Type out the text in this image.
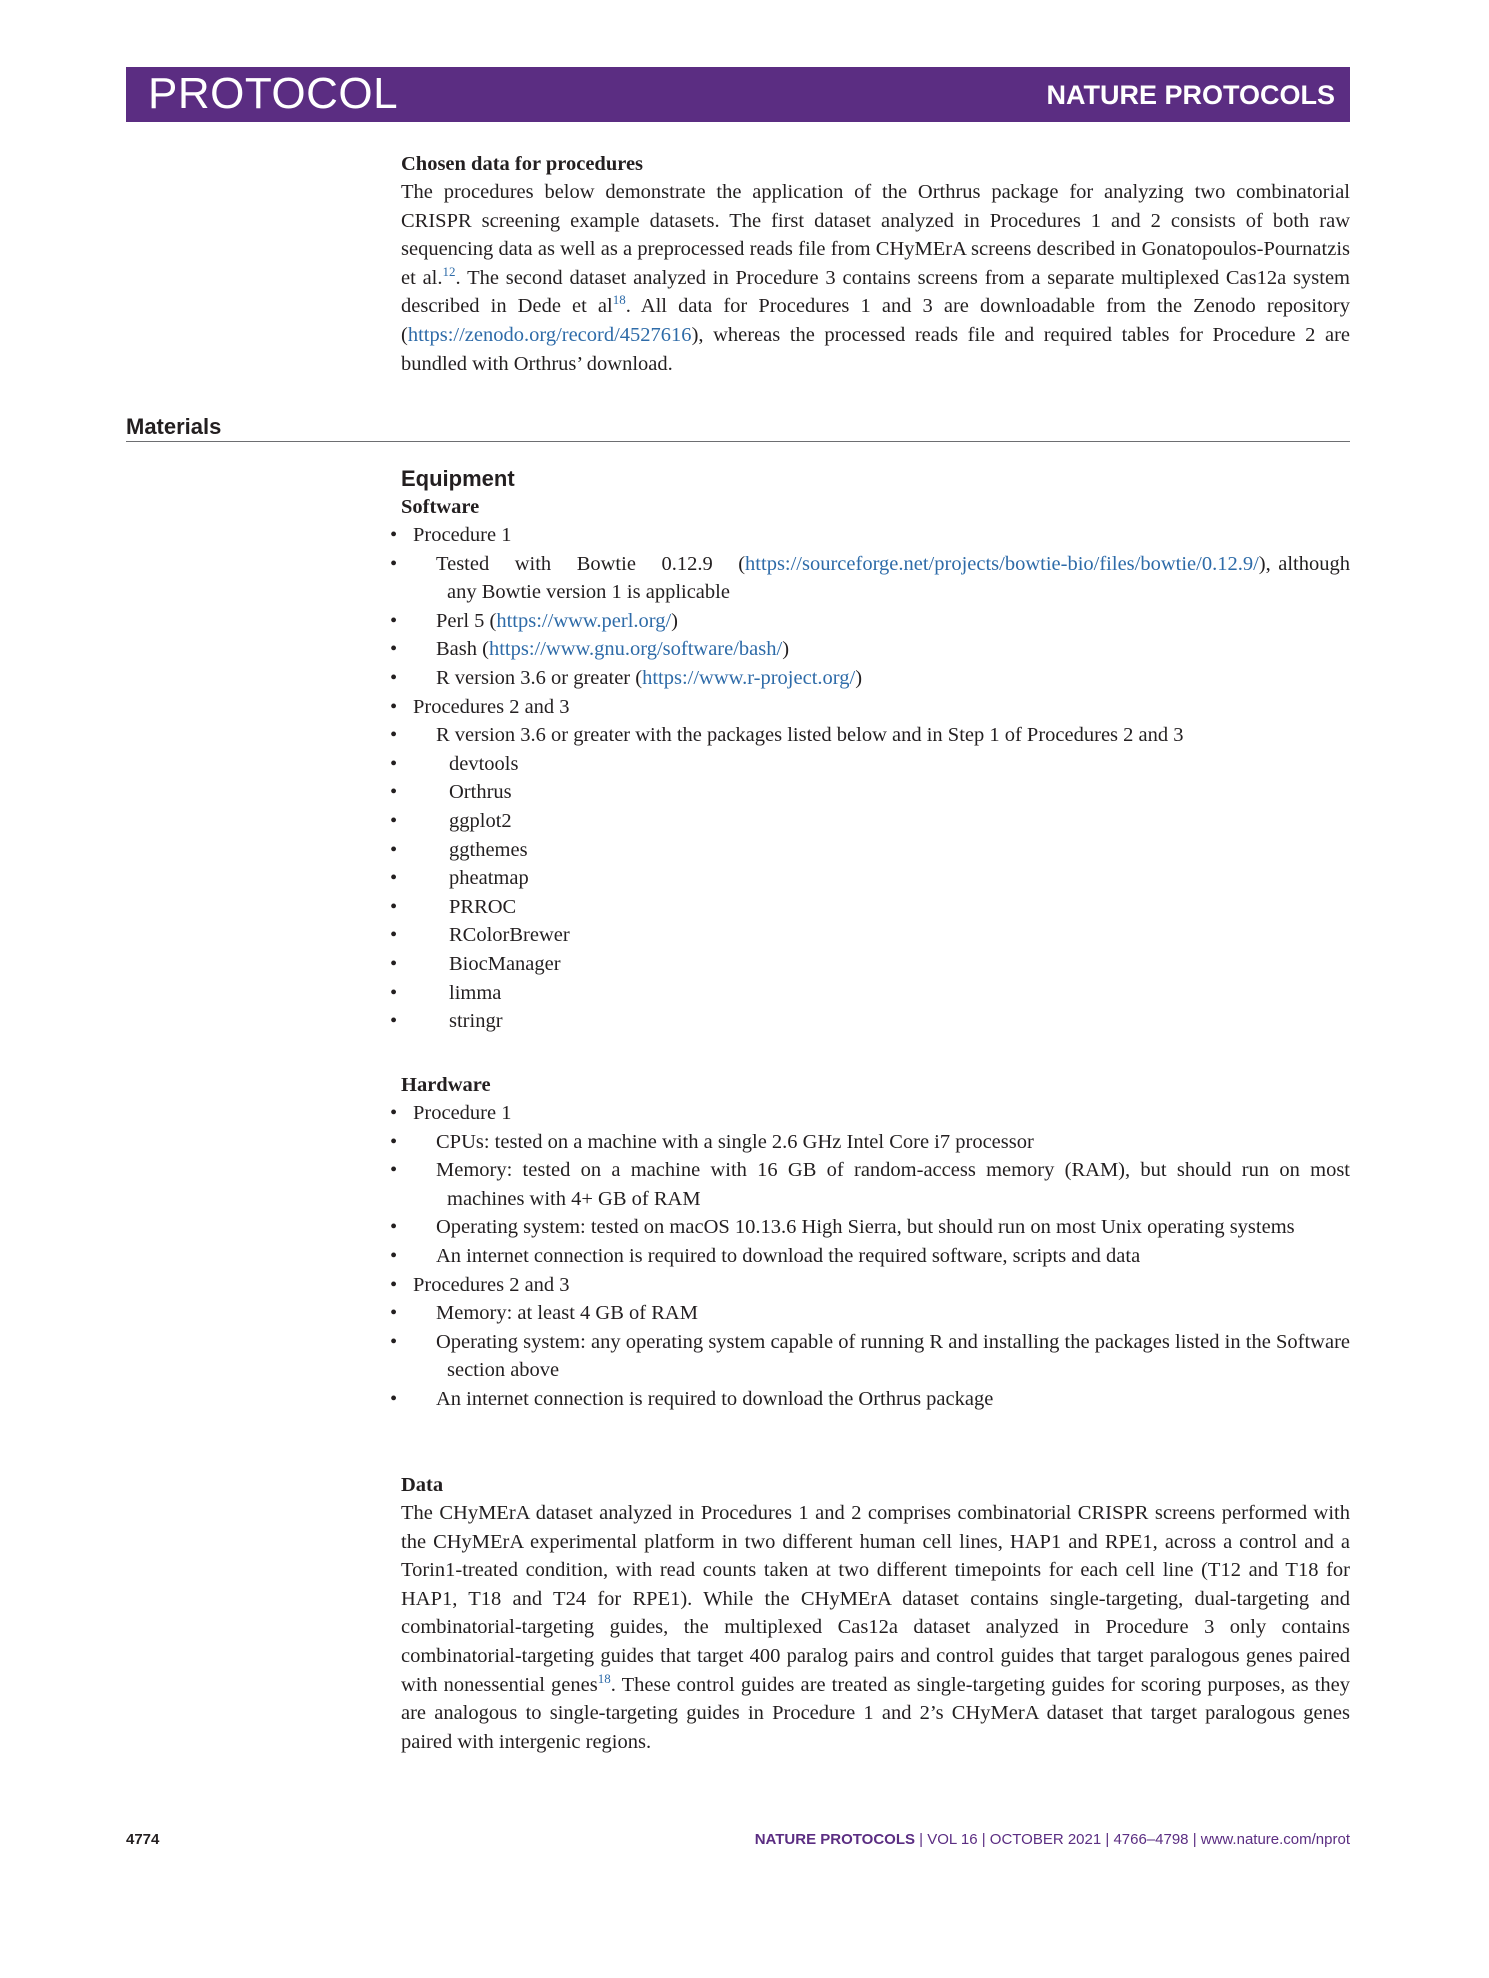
PROTOCOL	NATURE PROTOCOLS
Chosen data for procedures

The procedures below demonstrate the application of the Orthrus package for analyzing two combinatorial CRISPR screening example datasets. The first dataset analyzed in Procedures 1 and 2 consists of both raw sequencing data as well as a preprocessed reads file from CHyMErA screens described in Gonatopoulos-Pournatzis et al.$^{12}$. The second dataset analyzed in Procedure 3 contains screens from a separate multiplexed Cas12a system described in Dede et $al^{18}$. All data for Procedures 1 and 3 are downloadable from the Zenodo repository (https://zenodo.org/record/4527616), whereas the processed reads file and required tables for Procedure 2 are bundled with Orthrus’ download.

Materials
Equipment
Software
• Procedure 1
• Tested with Bowtie 0.12.9 (https://sourceforge.net/projects/bowtie-bio/files/bowtie/0.12.9/), although any Bowtie version 1 is applicable
• Perl 5 (https://www.perl.org/)
• Bash (https://www.gnu.org/software/bash/)
• R version 3.6 or greater (https://www.r-project.org/)
• Procedures 2 and 3
• R version 3.6 or greater with the packages listed below and in Step 1 of Procedures 2 and 3
• devtools
• Orthrus
• ggplot2
• ggthemes
• pheatmap
• PRROC
• RColorBrewer
• BiocManager
• limma
• stringr
Hardware
• Procedure 1
• CPUs: tested on a machine with a single 2.6 GHz Intel Core i7 processor
• Memory: tested on a machine with 16 GB of random-access memory (RAM), but should run on most machines with 4+ GB of RAM
• Operating system: tested on macOS 10.13.6 High Sierra, but should run on most Unix operating systems
• An internet connection is required to download the required software, scripts and data
• Procedures 2 and 3
• Memory: at least 4 GB of RAM
• Operating system: any operating system capable of running R and installing the packages listed in the Software section above
• An internet connection is required to download the Orthrus package
Data

The CHyMErA dataset analyzed in Procedures 1 and 2 comprises combinatorial CRISPR screens performed with the CHyMErA experimental platform in two different human cell lines, HAP1 and RPE1, across a control and a Torin1-treated condition, with read counts taken at two different timepoints for each cell line (T12 and T18 for HAP1, T18 and T24 for RPE1). While the CHyMErA dataset contains single-targeting, dual-targeting and combinatorial-targeting guides, the multiplexed Cas12a dataset analyzed in Procedure 3 only contains combinatorial-targeting guides that target 400 paralog pairs and control guides that target paralogous genes paired with nonessential genes$^{18}$. These control guides are treated as single-targeting guides for scoring purposes, as they are analogous to single-targeting guides in Procedure 1 and 2’s CHyMerA dataset that target paralogous genes paired with intergenic regions.

4774	NATURE PROTOCOLS | VOL 16 | OCTOBER 2021 | 4766–4798 | www.nature.com/nprot
